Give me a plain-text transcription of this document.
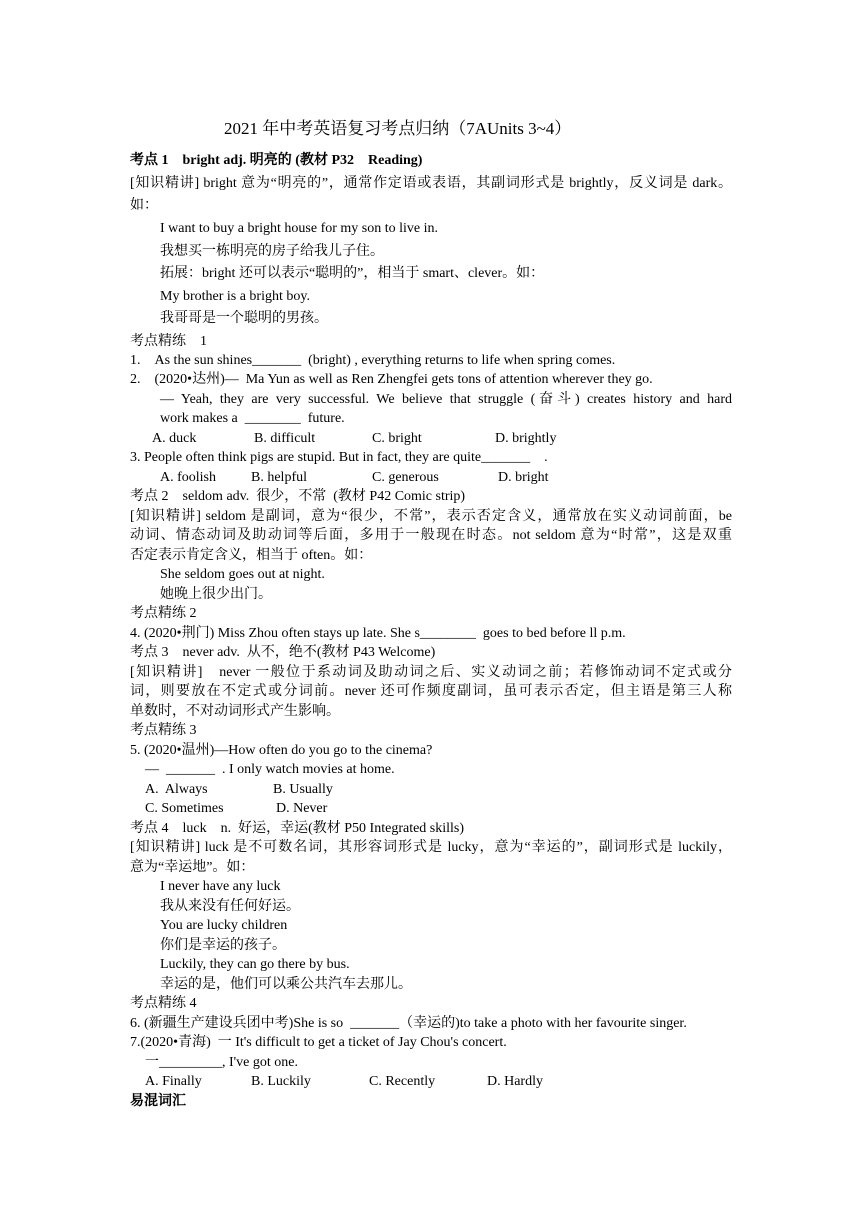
2021 年中考英语复习考点归纳（7AUnits 3~4）
考点 1　bright adj. 明亮的 (教材 P32　Reading)
[知识精讲] bright 意为“明亮的”，通常作定语或表语，其副词形式是 brightly，反义词是 dark。
如：
I want to buy a bright house for my son to live in.
我想买一栋明亮的房子给我儿子住。
拓展：bright 还可以表示“聪明的”，相当于 smart、clever。如：
My brother is a bright boy.
我哥哥是一个聪明的男孩。
考点精练　1
1.　As the sun shines_______  (bright) , everything returns to life when spring comes.
2.　(2020•达州)—  Ma Yun as well as Ren Zhengfei gets tons of attention wherever they go.
— Yeah, they are very successful. We believe that struggle (奋斗) creates history and hard
work makes a  ________  future.
A. duck	B. difficult	C. bright	D. brightly
3. People often think pigs are stupid. But in fact, they are quite_______    .
A. foolish	B. helpful	C. generous	D. bright
考点 2　seldom adv.  很少，不常  (教材 P42 Comic strip)
[知识精讲] seldom 是副词，意为“很少，不常”，表示否定含义，通常放在实义动词前面，be
动词、情态动词及助动词等后面，多用于一般现在时态。not seldom 意为“时常”，这是双重
否定表示肯定含义，相当于 often。如：
She seldom goes out at night.
她晚上很少出门。
考点精练 2
4. (2020•荆门) Miss Zhou often stays up late. She s________  goes to bed before ll p.m.
考点 3　never adv.  从不，绝不(教材 P43 Welcome)
[知识精讲]　never 一般位于系动词及助动词之后、实义动词之前；若修饰动词不定式或分
词，则要放在不定式或分词前。never 还可作频度副词，虽可表示否定，但主语是第三人称
单数时，不对动词形式产生影响。
考点精练 3
5. (2020•温州)—How often do you go to the cinema?
—  _______  . I only watch movies at home.
A.  Always	B. Usually
C. Sometimes	D. Never
考点 4　luck　n.  好运，幸运(教材 P50 Integrated skills)
[知识精讲] luck 是不可数名词，其形容词形式是 lucky，意为“幸运的”，副词形式是 luckily，
意为“幸运地”。如：
I never have any luck
我从来没有任何好运。
You are lucky children
你们是幸运的孩子。
Luckily, they can go there by bus.
幸运的是，他们可以乘公共汽车去那儿。
考点精练 4
6. (新疆生产建设兵团中考)She is so  _______（幸运的)to take a photo with her favourite singer.
7.(2020•青海)  一 It's difficult to get a ticket of Jay Chou's concert.
一_________, I've got one.
A. Finally	B. Luckily	C. Recently	D. Hardly
易混词汇
